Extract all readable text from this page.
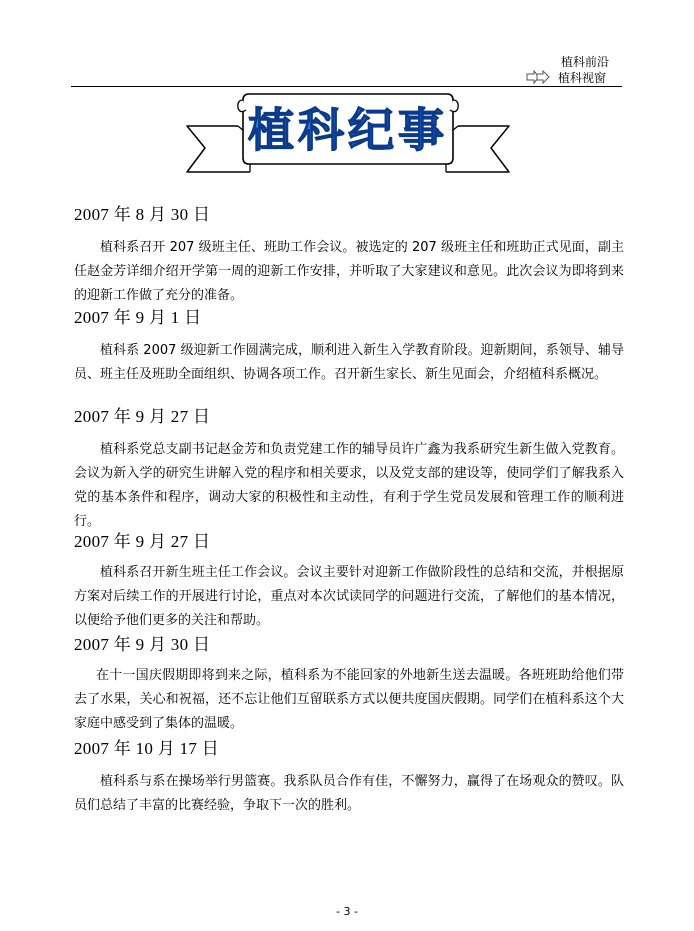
植科前沿
植科视窗
植科纪事
2007 年 8 月 30 日

植科系召开 207 级班主任、班助工作会议。被选定的 207 级班主任和班助正式见面，副主任赵金芳详细介绍开学第一周的迎新工作安排，并听取了大家建议和意见。此次会议为即将到来的迎新工作做了充分的准备。

2007 年 9 月 1 日

植科系 2007 级迎新工作圆满完成，顺利进入新生入学教育阶段。迎新期间，系领导、辅导员、班主任及班助全面组织、协调各项工作。召开新生家长、新生见面会，介绍植科系概况。

2007 年 9 月 27 日

植科系党总支副书记赵金芳和负责党建工作的辅导员许广鑫为我系研究生新生做入党教育。 会议为新入学的研究生讲解入党的程序和相关要求，以及党支部的建设等，使同学们了解我系入党的基本条件和程序，调动大家的积极性和主动性，有利于学生党员发展和管理工作的顺利进行。

2007 年 9 月 27 日

植科系召开新生班主任工作会议。会议主要针对迎新工作做阶段性的总结和交流，并根据原方案对后续工作的开展进行讨论，重点对本次试读同学的问题进行交流，了解他们的基本情况，以便给予他们更多的关注和帮助。

2007 年 9 月 30 日

在十一国庆假期即将到来之际，植科系为不能回家的外地新生送去温暖。各班班助给他们带去了水果，关心和祝福，还不忘让他们互留联系方式以便共度国庆假期。同学们在植科系这个大家庭中感受到了集体的温暖。

2007 年 10 月 17 日

植科系与系在操场举行男篮赛。我系队员合作有佳，不懈努力，赢得了在场观众的赞叹。队员们总结了丰富的比赛经验，争取下一次的胜利。

- 3 -
